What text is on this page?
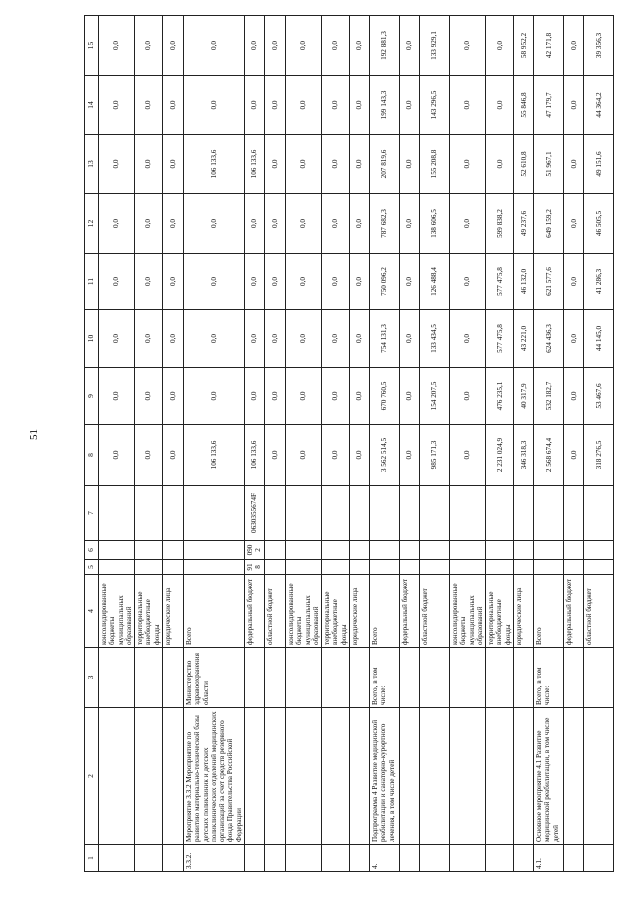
51
1	2	3	4	5	6	7	8	9	10	11	12	13	14	15
			консолидированные бюджеты муниципальных образований				0,0	0,0	0,0	0,0	0,0	0,0	0,0	0,0
			территориальные внебюджетные фонды				0,0	0,0	0,0	0,0	0,0	0,0	0,0	0,0
			юридические лица				0,0	0,0	0,0	0,0	0,0	0,0	0,0	0,0
3.3.2.	Мероприятие 3.3.2 Мероприятие по развитию материально-технической базы детских поликлиник и детских поликлинических отделений медицинских организаций за счет средств резервного фонда Правительства Российской Федерации	Министерство здравоохранения области	Всего				106 133,6	0,0	0,0	0,0	0,0	106 133,6	0,0	0,0
			федеральный бюджет	918	0902	0630355674F	106 133,6	0,0	0,0	0,0	0,0	106 133,6	0,0	0,0
			областной бюджет				0,0	0,0	0,0	0,0	0,0	0,0	0,0	0,0
			консолидированные бюджеты муниципальных образований				0,0	0,0	0,0	0,0	0,0	0,0	0,0	0,0
			территориальные внебюджетные фонды				0,0	0,0	0,0	0,0	0,0	0,0	0,0	0,0
			юридические лица				0,0	0,0	0,0	0,0	0,0	0,0	0,0	0,0
4.	Подпрограмма 4 Развитие медицинской реабилитации и санаторно-курортного лечения, в том числе детей	Всего, в том числе:	Всего				3 562 514,5	670 760,5	754 131,3	750 096,2	787 682,3	207 819,6	199 143,3	192 881,3
			федеральный бюджет				0,0	0,0	0,0	0,0	0,0	0,0	0,0	0,0
			областной бюджет				985 171,3	154 207,5	133 434,5	126 488,4	138 606,5	155 208,8	143 296,5	133 929,1
			консолидированные бюджеты муниципальных образований				0,0	0,0	0,0	0,0	0,0	0,0	0,0	0,0
			территориальные внебюджетные фонды				2 231 024,9	476 235,1	577 475,8	577 475,8	599 838,2	0,0	0,0	0,0
			юридические лица				346 318,3	40 317,9	43 221,0	46 132,0	49 237,6	52 610,8	55 846,8	58 952,2
4.1.	Основное мероприятие 4.1 Развитие медицинской реабилитации, в том числе детей	Всего, в том числе:	Всего				2 568 674,4	532 182,7	624 436,3	621 577,6	649 159,2	51 967,1	47 179,7	42 171,8
			федеральный бюджет				0,0	0,0	0,0	0,0	0,0	0,0	0,0	0,0
			областной бюджет				318 276,5	53 467,6	44 145,0	41 286,3	46 505,5	49 151,6	44 364,2	39 356,3
